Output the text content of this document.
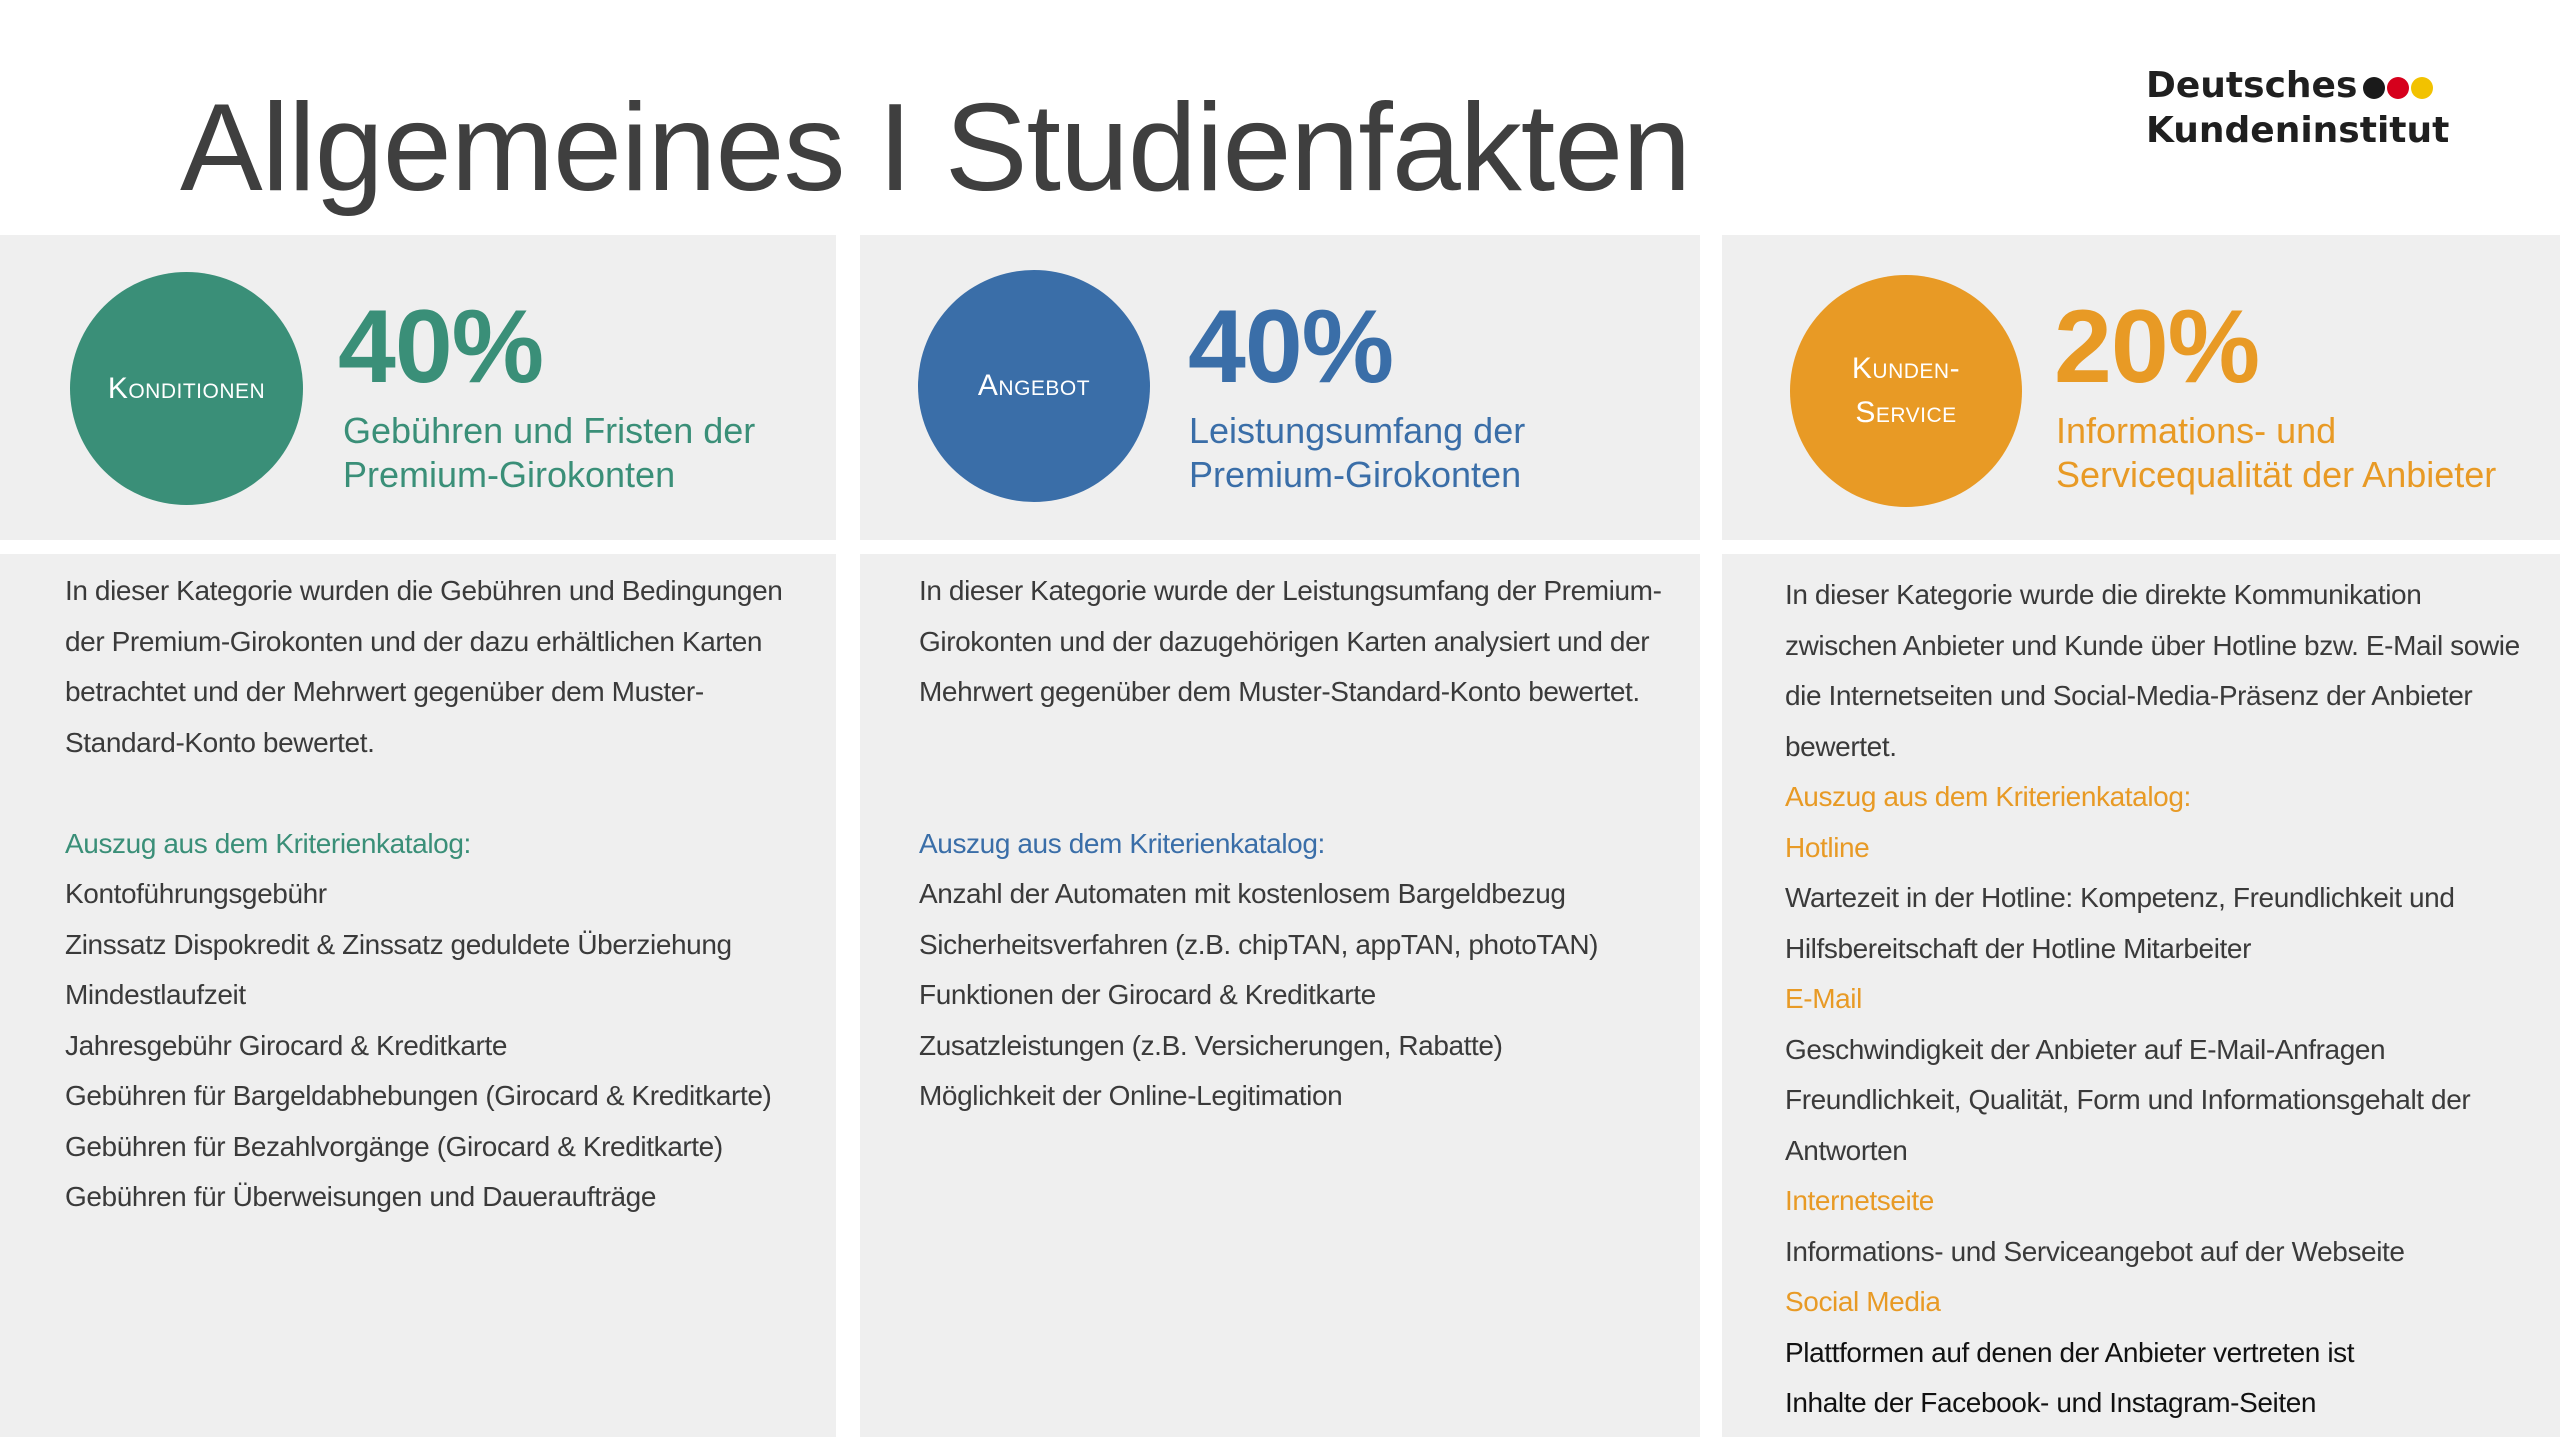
Allgemeines I Studienfakten	Deutsches
Kundeninstitut
Konditionen 40%
Gebühren und Fristen der
Premium-Girokonten

In dieser Kategorie wurden die Gebühren und Bedingungen

der Premium-Girokonten und der dazu erhältlichen Karten

betrachtet und der Mehrwert gegenüber dem Muster-

Standard-Konto bewertet.

Auszug aus dem Kriterienkatalog:

Kontoführungsgebühr

Zinssatz Dispokredit & Zinssatz geduldete Überziehung

Mindestlaufzeit

Jahresgebühr Girocard & Kreditkarte

Gebühren für Bargeldabhebungen (Girocard & Kreditkarte)

Gebühren für Bezahlvorgänge (Girocard & Kreditkarte)

Gebühren für Überweisungen und Daueraufträge

Angebot 40%
Leistungsumfang der
Premium-Girokonten

In dieser Kategorie wurde der Leistungsumfang der Premium-

Girokonten und der dazugehörigen Karten analysiert und der

Mehrwert gegenüber dem Muster-Standard-Konto bewertet.

Auszug aus dem Kriterienkatalog:

Anzahl der Automaten mit kostenlosem Bargeldbezug

Sicherheitsverfahren (z.B. chipTAN, appTAN, photoTAN)

Funktionen der Girocard & Kreditkarte

Zusatzleistungen (z.B. Versicherungen, Rabatte)

Möglichkeit der Online-Legitimation

Kunden-
Service
20%
Informations- und
Servicequalität der Anbieter

In dieser Kategorie wurde die direkte Kommunikation

zwischen Anbieter und Kunde über Hotline bzw. E-Mail sowie

die Internetseiten und Social-Media-Präsenz der Anbieter

bewertet.

Auszug aus dem Kriterienkatalog:

Hotline

Wartezeit in der Hotline: Kompetenz, Freundlichkeit und

Hilfsbereitschaft der Hotline Mitarbeiter

E-Mail

Geschwindigkeit der Anbieter auf E-Mail-Anfragen

Freundlichkeit, Qualität, Form und Informationsgehalt der

Antworten

Internetseite

Informations- und Serviceangebot auf der Webseite

Social Media

Plattformen auf denen der Anbieter vertreten ist

Inhalte der Facebook- und Instagram-Seiten
